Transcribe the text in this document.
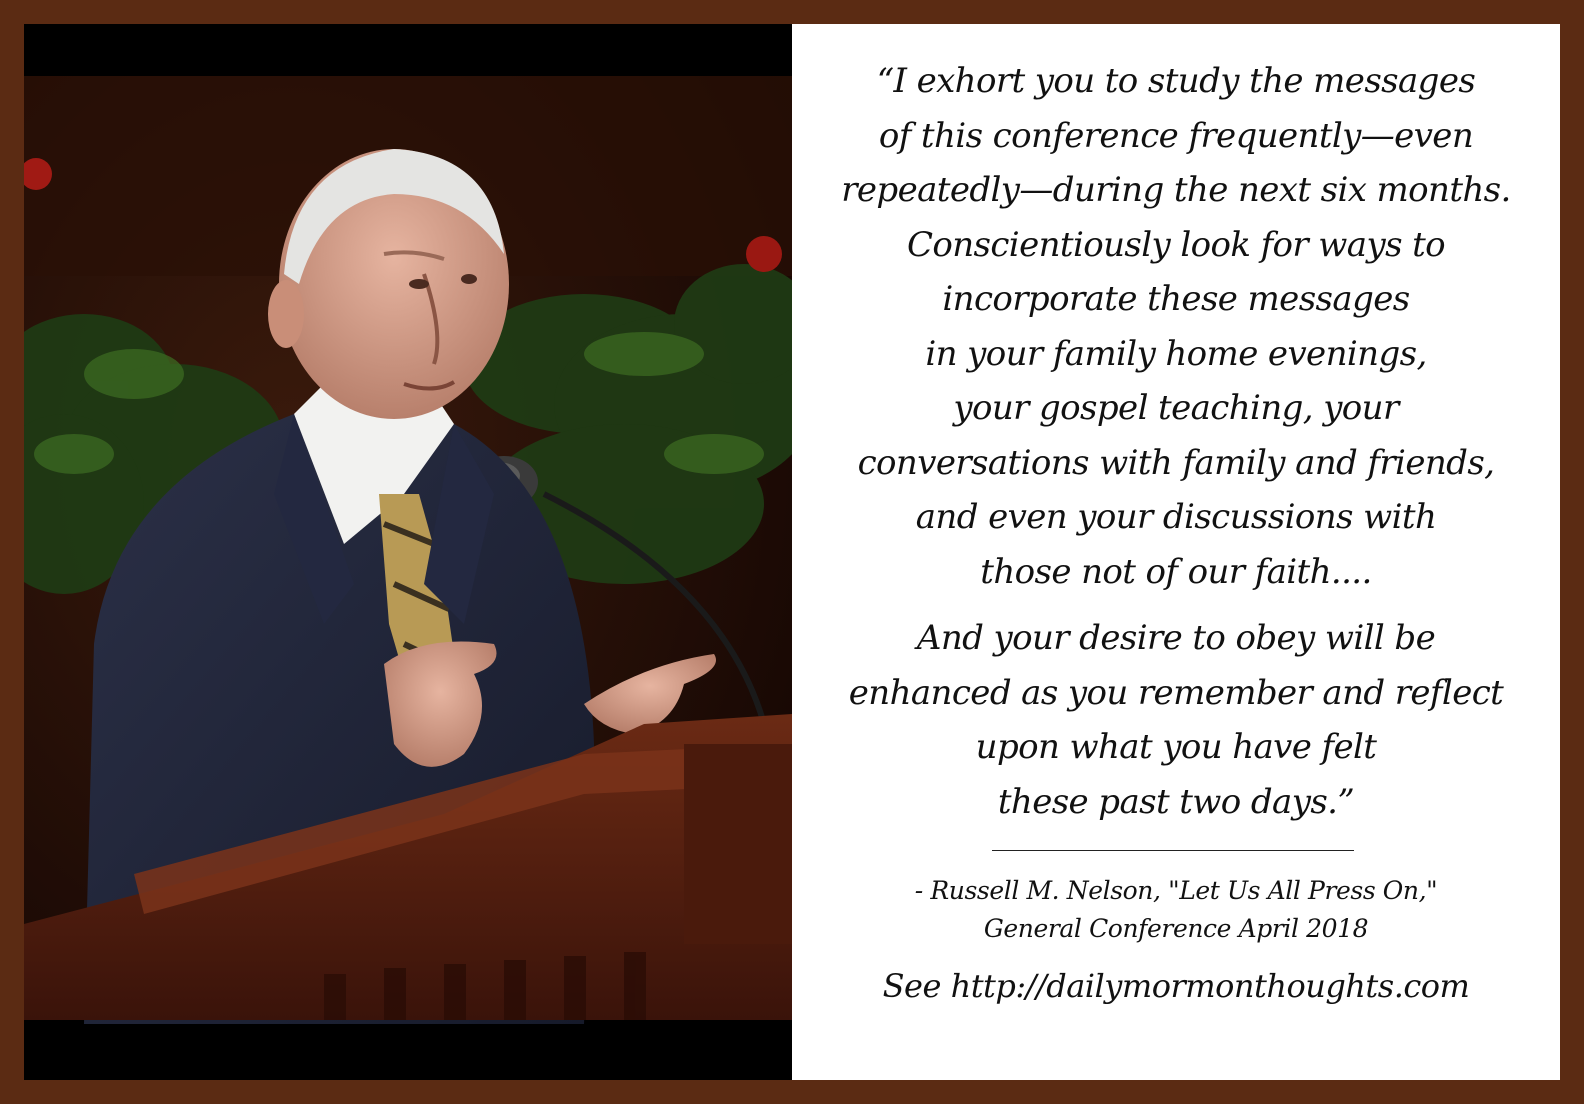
“I exhort you to study the messages
of this conference frequently—even
repeatedly—during the next six months.
Conscientiously look for ways to
incorporate these messages
in your family home evenings,
your gospel teaching, your
conversations with family and friends,
and even your discussions with
those not of our faith....
And your desire to obey will be
enhanced as you remember and reflect
upon what you have felt
these past two days.”
- Russell M. Nelson, "Let Us All Press On,"
General Conference April 2018
See http://dailymormonthoughts.com
